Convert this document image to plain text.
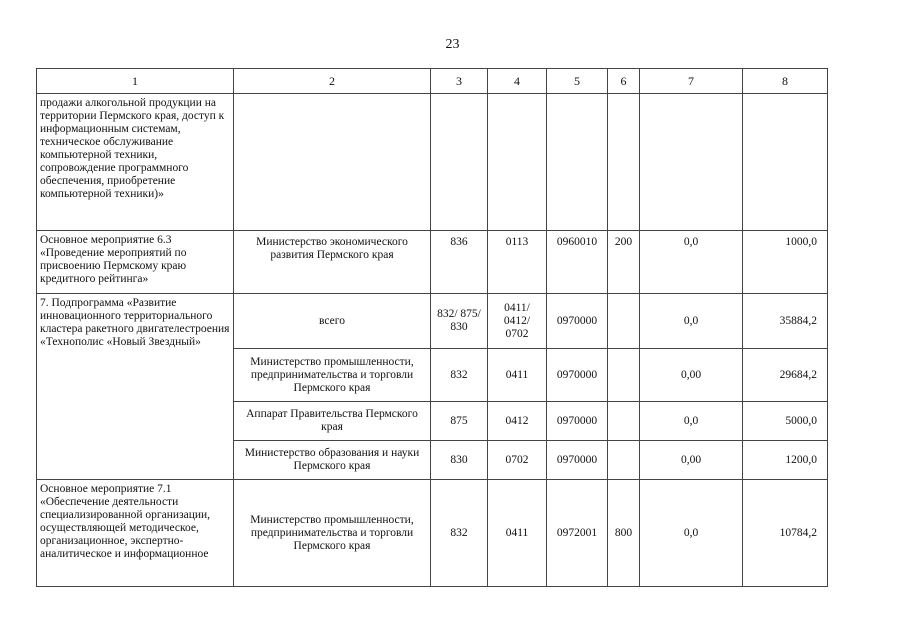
23
1	2	3	4	5	6	7	8
продажи алкогольной продукции на территории Пермского края, доступ к информационным системам, техническое обслуживание компьютерной техники, сопровождение программного обеспечения, приобретение компьютерной техники)»							
Основное мероприятие 6.3 «Проведение мероприятий по присвоению Пермскому краю кредитного рейтинга»	Министерство экономического развития Пермского края	836	0113	0960010	200	0,0	1000,0
7. Подпрограмма «Развитие инновационного территориального кластера ракетного двигателестроения «Технополис «Новый Звездный»	всего	832/ 875/ 830	0411/ 0412/ 0702	0970000		0,0	35884,2
	Министерство промышленности, предпринимательства и торговли Пермского края	832	0411	0970000		0,00	29684,2
	Аппарат Правительства Пермского края	875	0412	0970000		0,0	5000,0
	Министерство образования и науки Пермского края	830	0702	0970000		0,00	1200,0
Основное мероприятие 7.1 «Обеспечение деятельности специализированной организации, осуществляющей методическое, организационное, экспертно-аналитическое и информационное	Министерство промышленности, предпринимательства и торговли Пермского края	832	0411	0972001	800	0,0	10784,2
